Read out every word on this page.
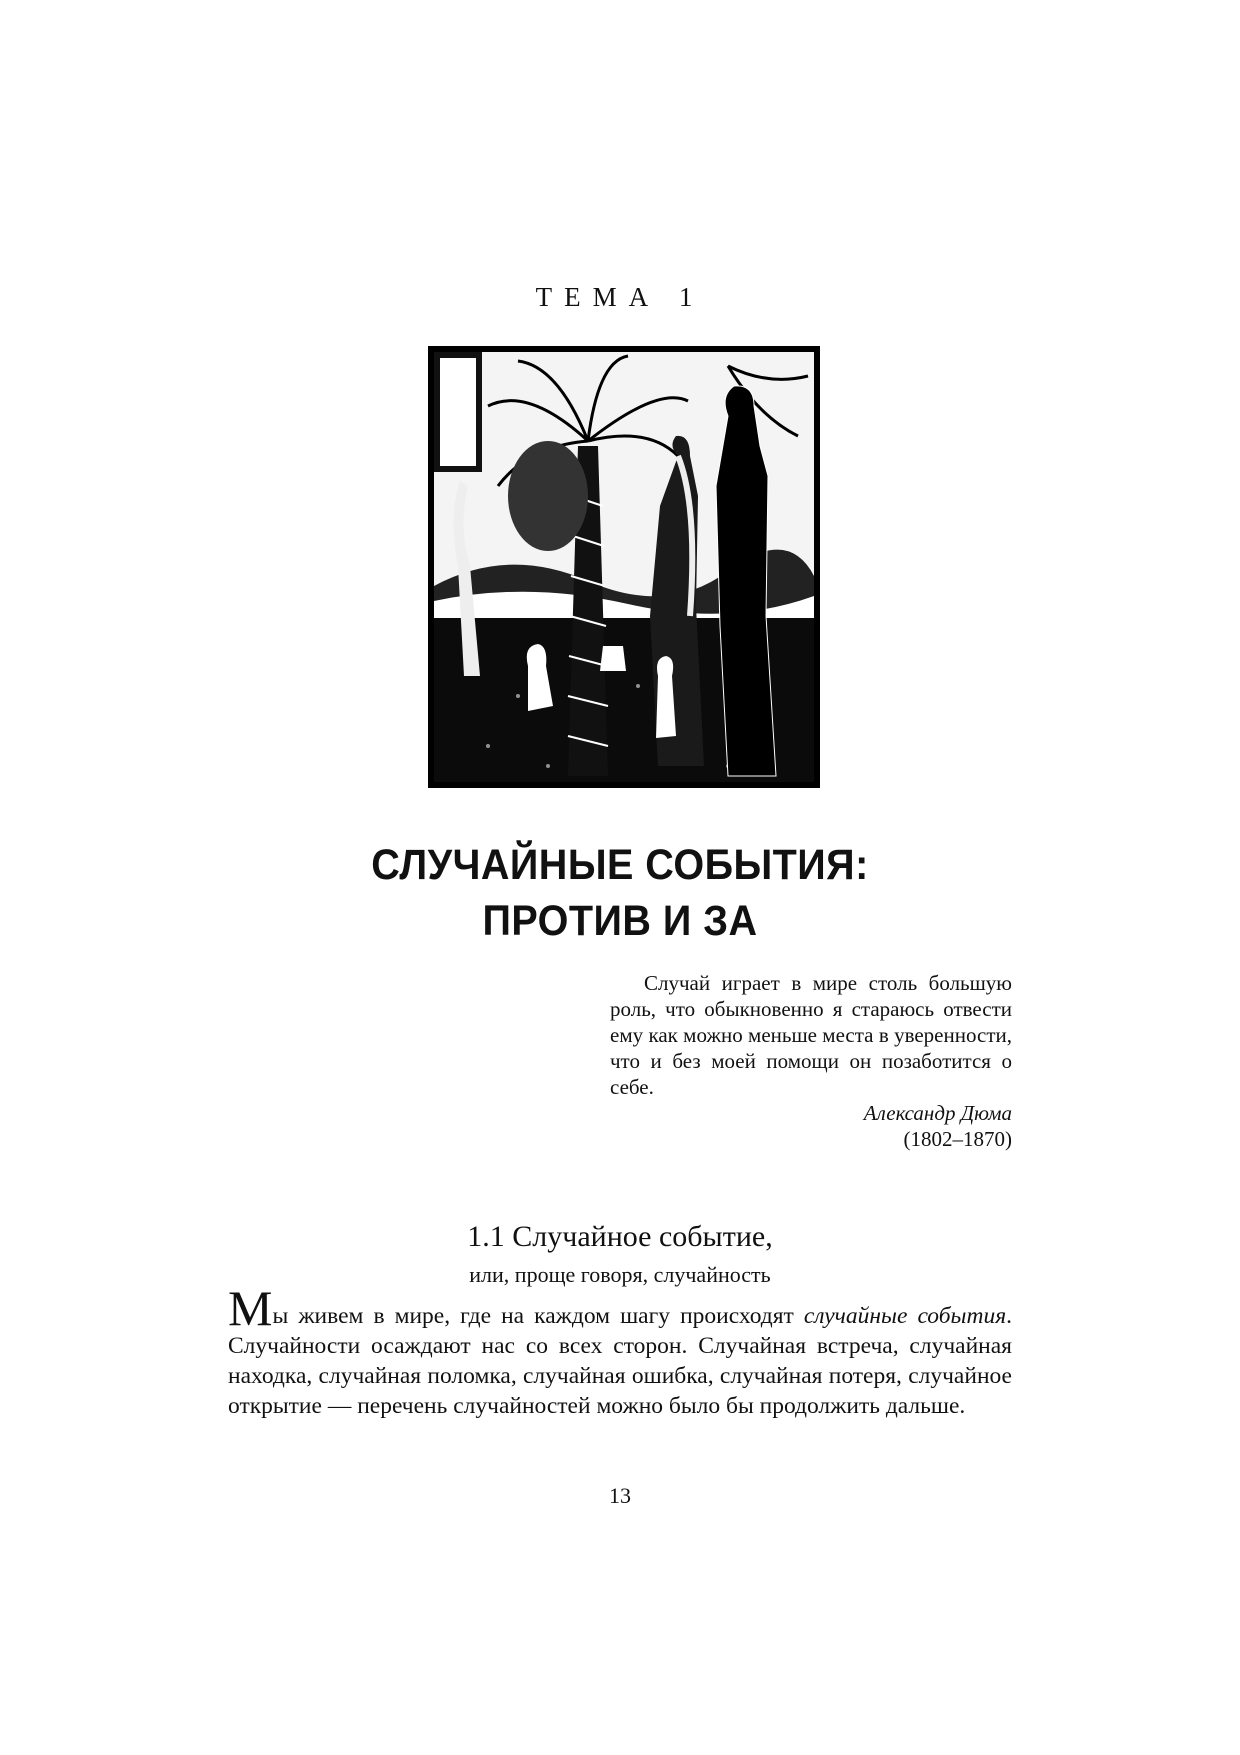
ТЕМА 1
СЛУЧАЙНЫЕ СОБЫТИЯ:
ПРОТИВ И ЗА
Случай играет в мире столь большую роль, что обыкновенно я стараюсь отвести ему как можно меньше места в уверенности, что и без моей помощи он позаботится о себе.
Александр Дюма
(1802–1870)
1.1 Случайное событие,
или, проще говоря, случайность
Мы живем в мире, где на каждом шагу происходят случайные события. Случайности осаждают нас со всех сторон. Случайная встреча, случайная находка, случайная поломка, случайная ошибка, случайная потеря, случайное открытие — перечень случайностей можно было бы продолжить дальше.
13
